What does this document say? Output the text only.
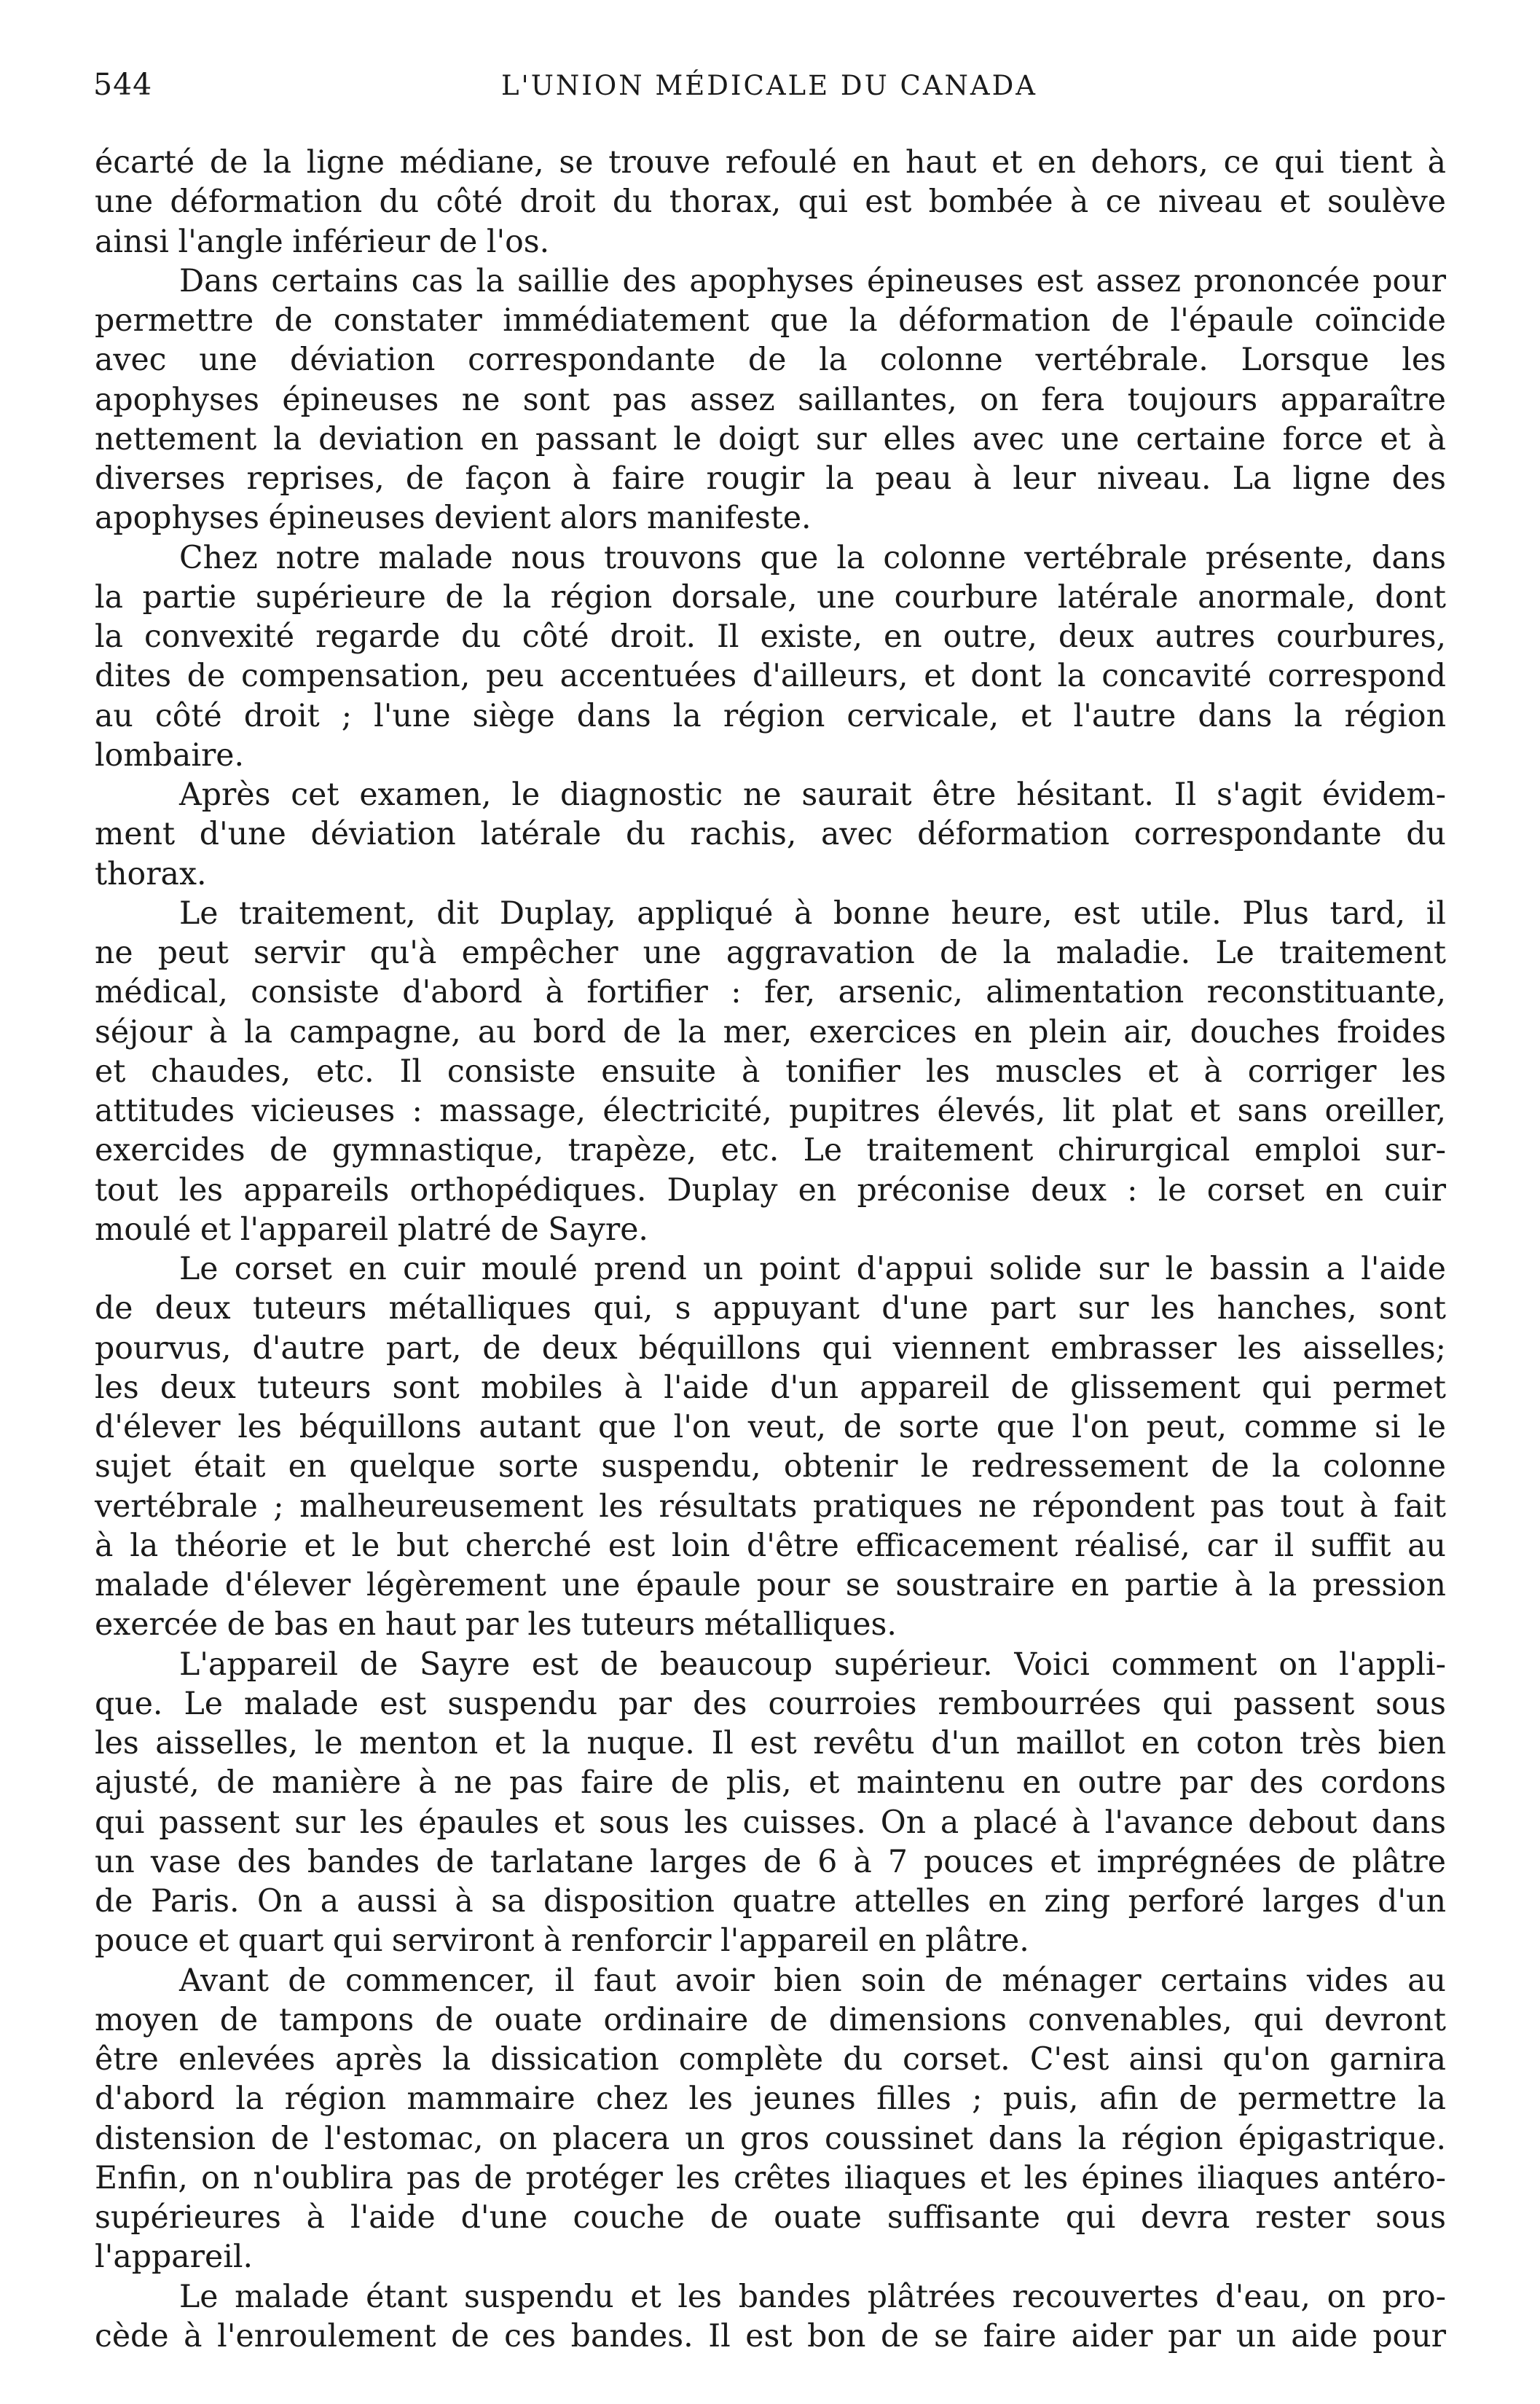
544	L'UNION MÉDICALE DU CANADA

écarté de la ligne médiane, se trouve refoulé en haut et en dehors, ce qui tient à
une déformation du côté droit du thorax, qui est bombée à ce niveau et soulève
ainsi l'angle inférieur de l'os.

Dans certains cas la saillie des apophyses épineuses est assez prononcée pour
permettre de constater immédiatement que la déformation de l'épaule coïncide
avec une déviation correspondante de la colonne vertébrale. Lorsque les
apophyses épineuses ne sont pas assez saillantes, on fera toujours apparaître
nettement la deviation en passant le doigt sur elles avec une certaine force et à
diverses reprises, de façon à faire rougir la peau à leur niveau. La ligne des
apophyses épineuses devient alors manifeste.

Chez notre malade nous trouvons que la colonne vertébrale présente, dans
la partie supérieure de la région dorsale, une courbure latérale anormale, dont
la convexité regarde du côté droit. Il existe, en outre, deux autres courbures,
dites de compensation, peu accentuées d'ailleurs, et dont la concavité correspond
au côté droit ; l'une siège dans la région cervicale, et l'autre dans la région
lombaire.

Après cet examen, le diagnostic ne saurait être hésitant. Il s'agit évidem-
ment d'une déviation latérale du rachis, avec déformation correspondante du
thorax.

Le traitement, dit Duplay, appliqué à bonne heure, est utile. Plus tard, il
ne peut servir qu'à empêcher une aggravation de la maladie. Le traitement
médical, consiste d'abord à fortifier : fer, arsenic, alimentation reconstituante,
séjour à la campagne, au bord de la mer, exercices en plein air, douches froides
et chaudes, etc. Il consiste ensuite à tonifier les muscles et à corriger les
attitudes vicieuses : massage, électricité, pupitres élevés, lit plat et sans oreiller,
exercides de gymnastique, trapèze, etc. Le traitement chirurgical emploi sur-
tout les appareils orthopédiques. Duplay en préconise deux : le corset en cuir
moulé et l'appareil platré de Sayre.

Le corset en cuir moulé prend un point d'appui solide sur le bassin a l'aide
de deux tuteurs métalliques qui, s appuyant d'une part sur les hanches, sont
pourvus, d'autre part, de deux béquillons qui viennent embrasser les aisselles;
les deux tuteurs sont mobiles à l'aide d'un appareil de glissement qui permet
d'élever les béquillons autant que l'on veut, de sorte que l'on peut, comme si le
sujet était en quelque sorte suspendu, obtenir le redressement de la colonne
vertébrale ; malheureusement les résultats pratiques ne répondent pas tout à fait
à la théorie et le but cherché est loin d'être efficacement réalisé, car il suffit au
malade d'élever légèrement une épaule pour se soustraire en partie à la pression
exercée de bas en haut par les tuteurs métalliques.

L'appareil de Sayre est de beaucoup supérieur. Voici comment on l'appli-
que. Le malade est suspendu par des courroies rembourrées qui passent sous
les aisselles, le menton et la nuque. Il est revêtu d'un maillot en coton très bien
ajusté, de manière à ne pas faire de plis, et maintenu en outre par des cordons
qui passent sur les épaules et sous les cuisses. On a placé à l'avance debout dans
un vase des bandes de tarlatane larges de 6 à 7 pouces et imprégnées de plâtre
de Paris. On a aussi à sa disposition quatre attelles en zing perforé larges d'un
pouce et quart qui serviront à renforcir l'appareil en plâtre.

Avant de commencer, il faut avoir bien soin de ménager certains vides au
moyen de tampons de ouate ordinaire de dimensions convenables, qui devront
être enlevées après la dissication complète du corset. C'est ainsi qu'on garnira
d'abord la région mammaire chez les jeunes filles ; puis, afin de permettre la
distension de l'estomac, on placera un gros coussinet dans la région épigastrique.
Enfin, on n'oublira pas de protéger les crêtes iliaques et les épines iliaques antéro-
supérieures à l'aide d'une couche de ouate suffisante qui devra rester sous
l'appareil.

Le malade étant suspendu et les bandes plâtrées recouvertes d'eau, on pro-
cède à l'enroulement de ces bandes. Il est bon de se faire aider par un aide pour
